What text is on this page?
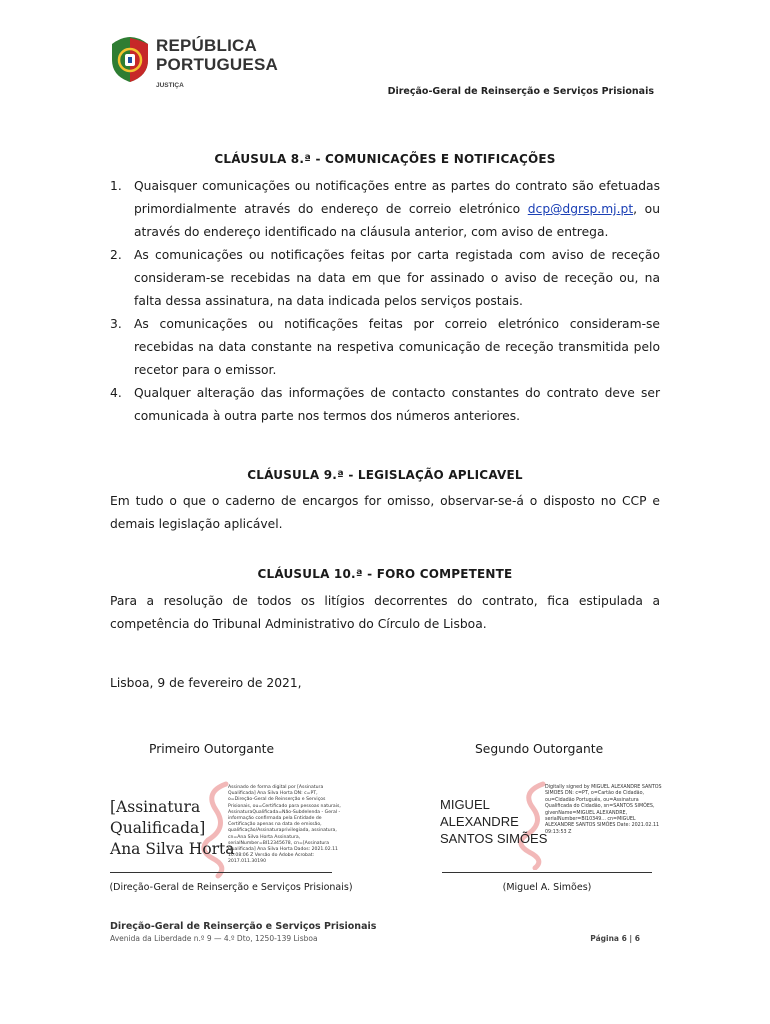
REPÚBLICA
PORTUGUESA
JUSTIÇA
Direção-Geral de Reinserção e Serviços Prisionais
CLÁUSULA 8.ª - COMUNICAÇÕES E NOTIFICAÇÕES
1. Quaisquer comunicações ou notificações entre as partes do contrato são efetuadas primordialmente através do endereço de correio eletrónico dcp@dgrsp.mj.pt, ou através do endereço identificado na cláusula anterior, com aviso de entrega.
2. As comunicações ou notificações feitas por carta registada com aviso de receção consideram-se recebidas na data em que for assinado o aviso de receção ou, na falta dessa assinatura, na data indicada pelos serviços postais.
3. As comunicações ou notificações feitas por correio eletrónico consideram-se recebidas na data constante na respetiva comunicação de receção transmitida pelo recetor para o emissor.
4. Qualquer alteração das informações de contacto constantes do contrato deve ser comunicada à outra parte nos termos dos números anteriores.
CLÁUSULA 9.ª - LEGISLAÇÃO APLICAVEL

Em tudo o que o caderno de encargos for omisso, observar-se-á o disposto no CCP e demais legislação aplicável.

CLÁUSULA 10.ª - FORO COMPETENTE

Para a resolução de todos os litígios decorrentes do contrato, fica estipulada a competência do Tribunal Administrativo do Círculo de Lisboa.

Lisboa, 9 de fevereiro de 2021,

Primeiro Outorgante	Segundo Outorgante
[Assinatura
Qualificada]
Ana Silva Horta
Assinado de forma digital por [Assinatura Qualificada] Ana Silva Horta DN: c=PT, o=Direção-Geral de Reinserção e Serviços Prisionais, ou=Certificado para pessoas naturais, AssinaturaQualificada=Não-Subdelenda - Geral - informação confirmada pela Entidade de Certificação apenas na data de emissão, qualificação/Assinaturaprivilegiada, assinatura, cn=Ana Silva Horta Assinatura, serialNumber=BI12345678, cn=[Assinatura Qualificada] Ana Silva Horta Dados: 2021.02.11 10:08:06 Z Versão do Adobe Acrobat: 2017.011.30190
(Direção-Geral de Reinserção e Serviços Prisionais)
MIGUEL
ALEXANDRE
SANTOS SIMÕES
Digitally signed by MIGUEL ALEXANDRE SANTOS SIMOES DN: c=PT, o=Cartão de Cidadão, ou=Cidadão Português, ou=Assinatura Qualificada do Cidadão, sn=SANTOS SIMÕES, givenName=MIGUEL ALEXANDRE, serialNumber=BI10349... cn=MIGUEL ALEXANDRE SANTOS SIMÕES Date: 2021.02.11 09:13:53 Z
(Miguel A. Simões)
Direção-Geral de Reinserção e Serviços Prisionais
Avenida da Liberdade n.º 9 — 4.º Dto, 1250-139 Lisboa	Página 6 | 6
